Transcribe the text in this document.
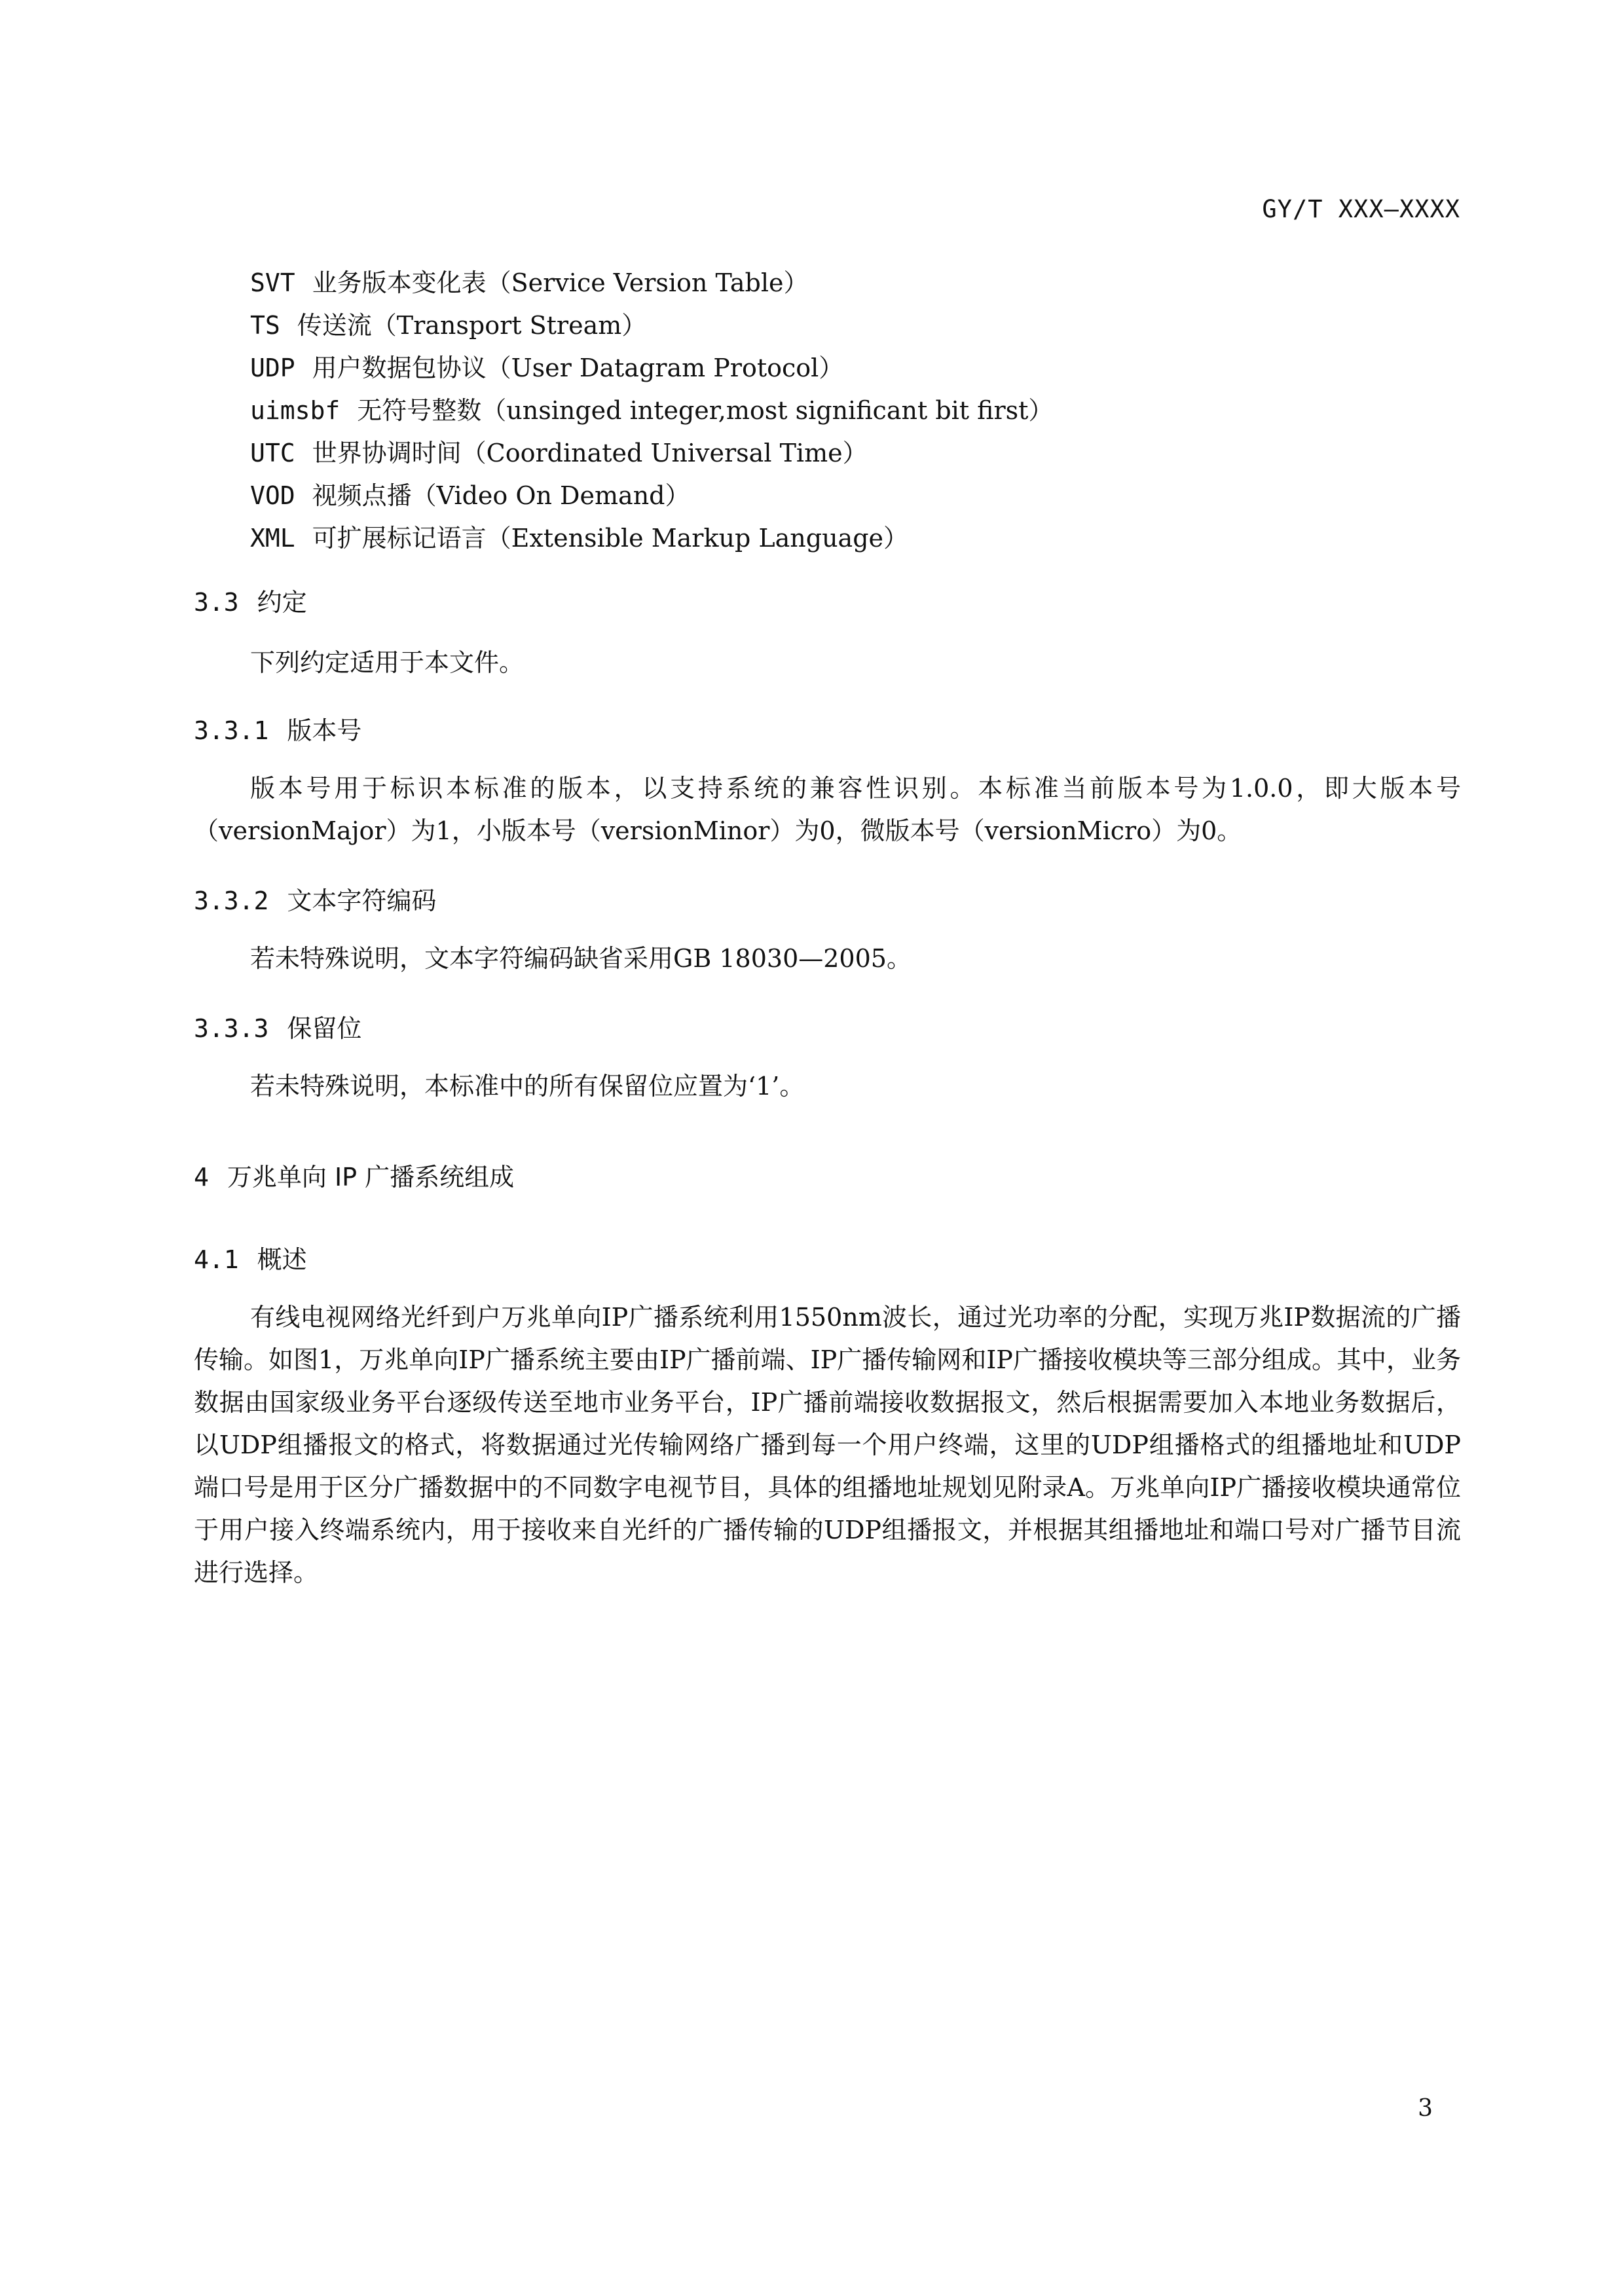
GY/T XXX—XXXX
SVT 业务版本变化表（Service Version Table）
TS 传送流（Transport Stream）
UDP 用户数据包协议（User Datagram Protocol）
uimsbf 无符号整数（unsinged integer,most significant bit first）
UTC 世界协调时间（Coordinated Universal Time）
VOD 视频点播（Video On Demand）
XML 可扩展标记语言（Extensible Markup Language）
3.3 约定

下列约定适用于本文件。

3.3.1 版本号

版本号用于标识本标准的版本，以支持系统的兼容性识别。本标准当前版本号为1.0.0，即大版本号（versionMajor）为1，小版本号（versionMinor）为0，微版本号（versionMicro）为0。

3.3.2 文本字符编码

若未特殊说明，文本字符编码缺省采用GB 18030—2005。

3.3.3 保留位

若未特殊说明，本标准中的所有保留位应置为‘1’。

4 万兆单向 IP 广播系统组成
4.1 概述

有线电视网络光纤到户万兆单向IP广播系统利用1550nm波长，通过光功率的分配，实现万兆IP数据流的广播传输。如图1，万兆单向IP广播系统主要由IP广播前端、IP广播传输网和IP广播接收模块等三部分组成。其中，业务数据由国家级业务平台逐级传送至地市业务平台，IP广播前端接收数据报文，然后根据需要加入本地业务数据后，以UDP组播报文的格式，将数据通过光传输网络广播到每一个用户终端，这里的UDP组播格式的组播地址和UDP端口号是用于区分广播数据中的不同数字电视节目，具体的组播地址规划见附录A。万兆单向IP广播接收模块通常位于用户接入终端系统内，用于接收来自光纤的广播传输的UDP组播报文，并根据其组播地址和端口号对广播节目流进行选择。

3
